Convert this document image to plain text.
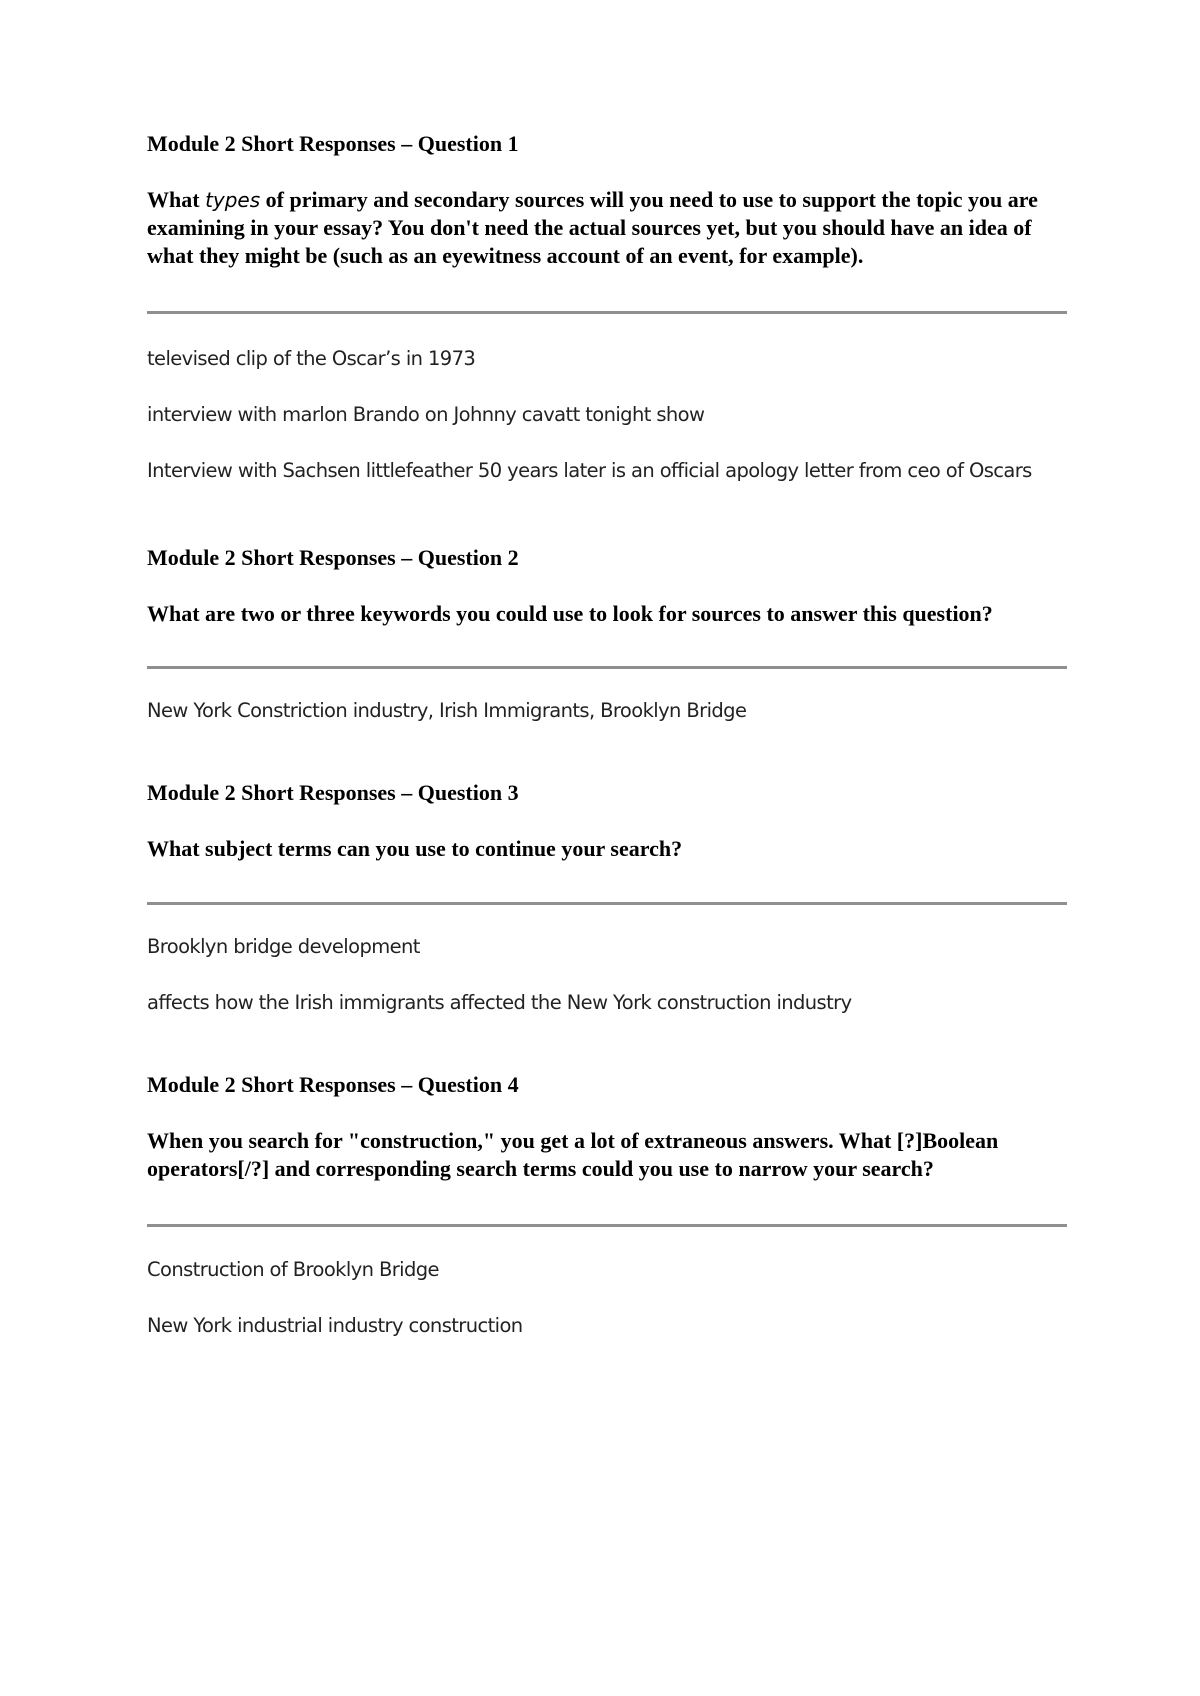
Module 2 Short Responses – Question 1

What types of primary and secondary sources will you need to use to support the topic you are examining in your essay? You don't need the actual sources yet, but you should have an idea of what they might be (such as an eyewitness account of an event, for example).

televised clip of the Oscar’s in 1973

interview with marlon Brando on Johnny cavatt tonight show

Interview with Sachsen littlefeather 50 years later is an official apology letter from ceo of Oscars

Module 2 Short Responses – Question 2

What are two or three keywords you could use to look for sources to answer this question?

New York Constriction industry, Irish Immigrants, Brooklyn Bridge

Module 2 Short Responses – Question 3

What subject terms can you use to continue your search?

Brooklyn bridge development

affects how the Irish immigrants affected the New York construction industry

Module 2 Short Responses – Question 4

When you search for "construction," you get a lot of extraneous answers. What [?]Boolean operators[/?] and corresponding search terms could you use to narrow your search?

Construction of Brooklyn Bridge

New York industrial industry construction
